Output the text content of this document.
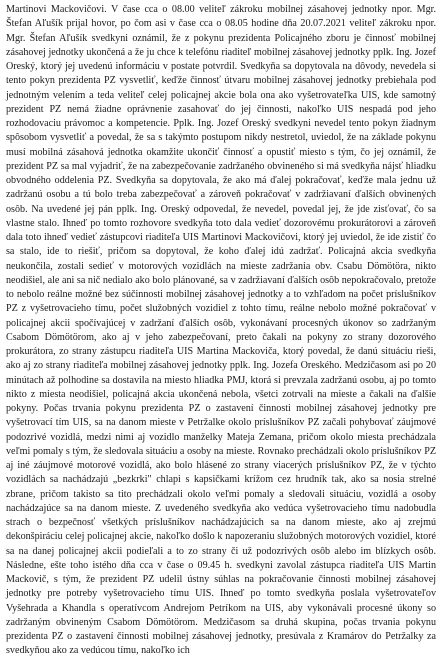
Martinovi Mackovičovi. V čase cca o 08.00 veliteľ zákroku mobilnej zásahovej jednotky npor. Mgr. Štefan Aľušík prijal hovor, po čom asi v čase cca o 08.05 hodine dňa 20.07.2021 veliteľ zákroku npor. Mgr. Štefan Aľušík svedkyni oznámil, že z pokynu prezidenta Policajného zboru je činnosť mobilnej zásahovej jednotky ukončená a že ju chce k telefónu riaditeľ mobilnej zásahovej jednotky pplk. Ing. Jozef Oreský, ktorý jej uvedenú informáciu v postate potvrdil. Svedkyňa sa dopytovala na dôvody, nevedela si tento pokyn prezidenta PZ vysvetliť, keďže činnosť útvaru mobilnej zásahovej jednotky prebiehala pod jednotným velením a teda veliteľ celej policajnej akcie bola ona ako vyšetrovateľka UIS, kde samotný prezident PZ nemá žiadne oprávnenie zasahovať do jej činnosti, nakoľko UIS nespadá pod jeho rozhodovaciu právomoc a kompetencie. Pplk. Ing. Jozef Oreský svedkyni nevedel tento pokyn žiadnym spôsobom vysvetliť a povedal, že sa s takýmto postupom nikdy nestretol, uviedol, že na základe pokynu musí mobilná zásahová jednotka okamžite ukončiť činnosť a opustiť miesto s tým, čo jej oznámil, že prezident PZ sa mal vyjadriť, že na zabezpečovanie zadržaného obvineného si má svedkyňa nájsť hliadku obvodného oddelenia PZ. Svedkyňa sa dopytovala, že ako má ďalej pokračovať, keďže mala jednu už zadržanú osobu a tú bolo treba zabezpečovať a zároveň pokračovať v zadržiavaní ďalších obvinených osôb. Na uvedené jej pán pplk. Ing. Oreský odpovedal, že nevedel, povedal jej, že jde zisťovať, čo sa vlastne stalo. Ihneď po tomto rozhovore svedkyňa toto dala vedieť dozorovému prokurátorovi a zároveň dala toto ihneď vedieť zástupcovi riaditeľa UIS Martinovi Mackovičovi, ktorý jej uviedol, že ide zistiť čo sa stalo, ide to riešiť, pričom sa dopytoval, že koho ďalej idú zadržať. Policajná akcia svedkyňa neukončila, zostali sedieť v motorových vozidlách na mieste zadržania obv. Csabu Dömötöra, nikto neodišiel, ale ani sa nič nedialo ako bolo plánované, sa v zadržiavaní ďalších osôb nepokračovalo, pretože to nebolo reálne možné bez súčinnosti mobilnej zásahovej jednotky a to vzhľadom na počet príslušníkov PZ z vyšetrovacieho tímu, počet služobných vozidiel z tohto tímu, reálne nebolo možné pokračovať v policajnej akcii spočívajúcej v zadržaní ďalších osôb, vykonávaní procesných úkonov so zadržaným Csabom Dömötörom, ako aj v jeho zabezpečovaní, preto čakali na pokyny zo strany dozorového prokurátora, zo strany zástupcu riaditeľa UIS Martina Mackoviča, ktorý povedal, že danú situáciu rieši, ako aj zo strany riaditeľa mobilnej zásahovej jednotky pplk. Ing. Jozefa Oreského. Medzičasom asi po 20 minútach až polhodine sa dostavila na miesto hliadka PMJ, ktorá si prevzala zadržanú osobu, aj po tomto nikto z miesta neodišiel, policajná akcia ukončená nebola, všetci zotrvali na mieste a čakali na ďalšie pokyny. Počas trvania pokynu prezidenta PZ o zastavení činnosti mobilnej zásahovej jednotky pre vyšetrovací tím UIS, sa na danom mieste v Petržalke okolo príslušníkov PZ začali pohybovať záujmové podozrivé vozidlá, medzi nimi aj vozidlo manželky Mateja Zemana, pričom okolo miesta prechádzala veľmi pomaly s tým, že sledovala situáciu a osoby na mieste. Rovnako prechádzali okolo príslušníkov PZ aj iné záujmové motorové vozidlá, ako bolo hlásené zo strany viacerých príslušníkov PZ, že v týchto vozidlách sa nachádzajú „bezkrki" chlapi s kapsičkami krížom cez hrudník tak, ako sa nosia strelné zbrane, pričom takisto sa tito prechádzali okolo veľmi pomaly a sledovali situáciu, vozidlá a osoby nachádzajúce sa na danom mieste. Z uvedeného svedkyňa ako vedúca vyšetrovacieho tímu nadobudla strach o bezpečnosť všetkých príslušníkov nachádzajúcich sa na danom mieste, ako aj zrejmú dekonšpiráciu celej policajnej akcie, nakoľko došlo k napozeraniu služobných motorových vozidiel, ktoré sa na danej policajnej akcii podieľali a to zo strany či už podozrivých osôb alebo im blízkych osôb. Následne, ešte toho istého dňa cca v čase o 09.45 h. svedkyni zavolal zástupca riaditeľa UIS Martin Mackovič, s tým, že prezident PZ udelil ústny súhlas na pokračovanie činnosti mobilnej zásahovej jednotky pre potreby vyšetrovacieho tímu UIS. Ihneď po tomto svedkyňa poslala vyšetrovateľov Vyšehrada a Khandla s operatívcom Andrejom Petríkom na UIS, aby vykonávali procesné úkony so zadržaným obvineným Csabom Dömötörom. Medzičasom sa druhá skupina, počas trvania pokynu prezidenta PZ o zastavení činnosti mobilnej zásahovej jednotky, presúvala z Kramárov do Petržalky za svedkyňou ako za vedúcou tímu, nakoľko ich
